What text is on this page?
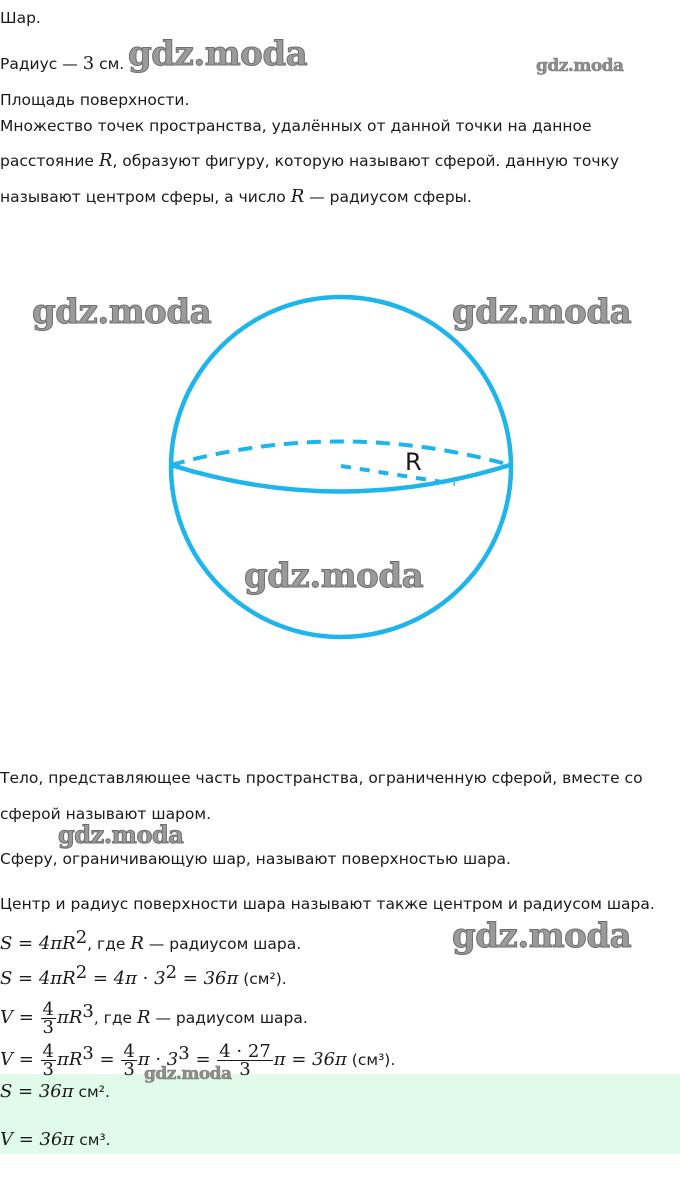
Шар.
Радиус — 3 см.
Площадь поверхности.
Множество точек пространства, удалённых от данной точки на данное
расстояние R, образуют фигуру, которую называют сферой. данную точку
называют центром сферы, а число R — радиусом сферы.
R
Тело, представляющее часть пространства, ограниченную сферой, вместе со
сферой называют шаром.
Сферу, ограничивающую шар, называют поверхностью шара.
Центр и радиус поверхности шара называют также центром и радиусом шара.
$S = 4\pi R^2$, где R — радиусом шара.
$S = 4\pi R^2 = 4\pi \cdot 3^2 = 36\pi$ (см²).
$V = \frac{4}{3} \pi R^3$, где R — радиусом шара.
$V = \frac{4}{3} \pi R^3 = \frac{4}{3}$ $\pi \cdot 3^3 = \frac{4 \cdot 27}{3}$ π = 36π (см³).
S = 36π см².
V = 36π см³.
gdz.moda	gdz.moda
gdz.moda	gdz.moda
gdz.moda
gdz.moda
gdz.moda
gdz.moda
